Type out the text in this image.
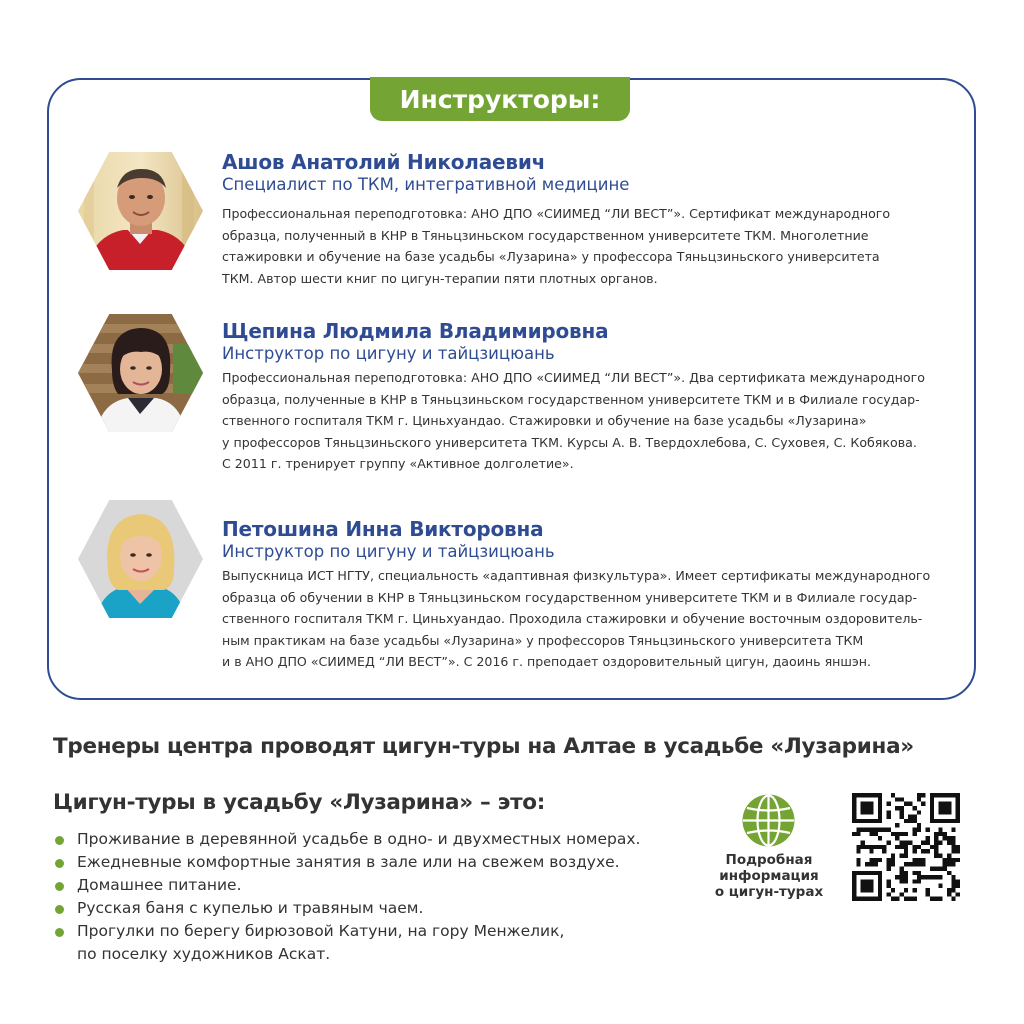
Инструкторы:
Ашов Анатолий Николаевич
Специалист по ТКМ, интегративной медицине
Профессиональная переподготовка: АНО ДПО «СИИМЕД “ЛИ ВЕСТ”». Сертификат международного
образца, полученный в КНР в Тяньцзиньском государственном университете ТКМ. Многолетние
стажировки и обучение на базе усадьбы «Лузарина» у профессора Тяньцзиньского университета
ТКМ. Автор шести книг по цигун-терапии пяти плотных органов.
Щепина Людмила Владимировна
Инструктор по цигуну и тайцзицюань
Профессиональная переподготовка: АНО ДПО «СИИМЕД “ЛИ ВЕСТ”». Два сертификата международного
образца, полученные в КНР в Тяньцзиньском государственном университете ТКМ и в Филиале государ-
ственного госпиталя ТКМ г. Циньхуандао. Стажировки и обучение на базе усадьбы «Лузарина»
у профессоров Тяньцзиньского университета ТКМ. Курсы А. В. Твердохлебова, С. Суховея, С. Кобякова.
С 2011 г. тренирует группу «Активное долголетие».
Петошина Инна Викторовна
Инструктор по цигуну и тайцзицюань
Выпускница ИСТ НГТУ, специальность «адаптивная физкультура». Имеет сертификаты международного
образца об обучении в КНР в Тяньцзиньском государственном университете ТКМ и в Филиале государ-
ственного госпиталя ТКМ г. Циньхуандао. Проходила стажировки и обучение восточным оздоровитель-
ным практикам на базе усадьбы «Лузарина» у профессоров Тяньцзиньского университета ТКМ
и в АНО ДПО «СИИМЕД “ЛИ ВЕСТ”». С 2016 г. преподает оздоровительный цигун, даоинь яншэн.
Тренеры центра проводят цигун-туры на Алтае в усадьбе «Лузарина»
Цигун-туры в усадьбу «Лузарина» – это:
Проживание в деревянной усадьбе в одно- и двухместных номерах.
Ежедневные комфортные занятия в зале или на свежем воздухе.
Домашнее питание.
Русская баня с купелью и травяным чаем.
Прогулки по берегу бирюзовой Катуни, на гору Менжелик,
по поселку художников Аскат.
Подробная
информация
о цигун-турах
